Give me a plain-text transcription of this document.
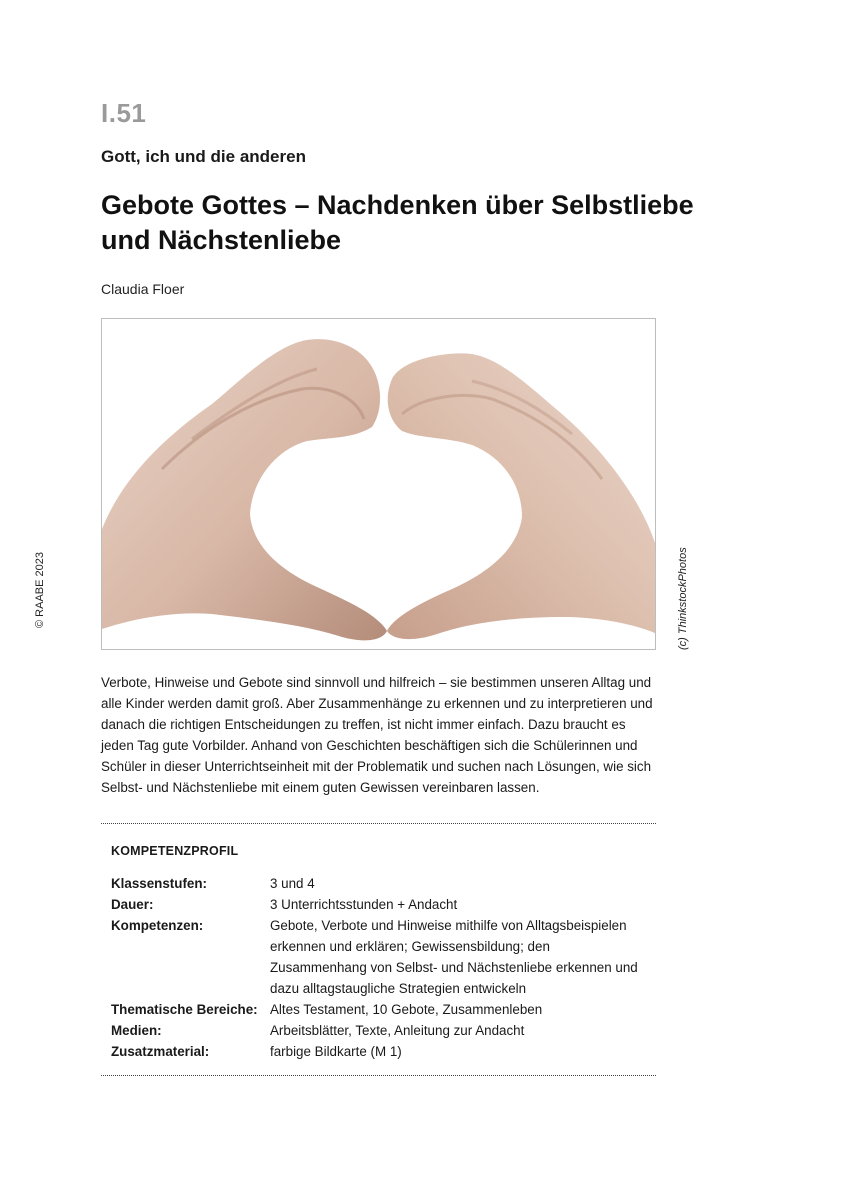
I.51
Gott, ich und die anderen
Gebote Gottes – Nachdenken über Selbstliebe und Nächstenliebe
Claudia Floer
© RAABE 2023	(c) ThinkstockPhotos
Verbote, Hinweise und Gebote sind sinnvoll und hilfreich – sie bestimmen unseren Alltag und alle Kinder werden damit groß. Aber Zusammenhänge zu erkennen und zu interpretieren und danach die richtigen Entscheidungen zu treffen, ist nicht immer einfach. Dazu braucht es jeden Tag gute Vorbilder. Anhand von Geschichten beschäftigen sich die Schülerinnen und Schüler in dieser Unterrichtseinheit mit der Problematik und suchen nach Lösungen, wie sich Selbst- und Nächstenliebe mit einem guten Gewissen vereinbaren lassen.
KOMPETENZPROFIL
Klassenstufen:	3 und 4
Dauer:	3 Unterrichtsstunden + Andacht
Kompetenzen:	Gebote, Verbote und Hinweise mithilfe von Alltagsbeispielen erkennen und erklären; Gewissensbildung; den Zusammenhang von Selbst- und Nächstenliebe erkennen und dazu alltagstaugliche Strategien entwickeln
Thematische Bereiche: Altes Testament, 10 Gebote, Zusammenleben
Medien:	Arbeitsblätter, Texte, Anleitung zur Andacht
Zusatzmaterial:	farbige Bildkarte (M 1)
